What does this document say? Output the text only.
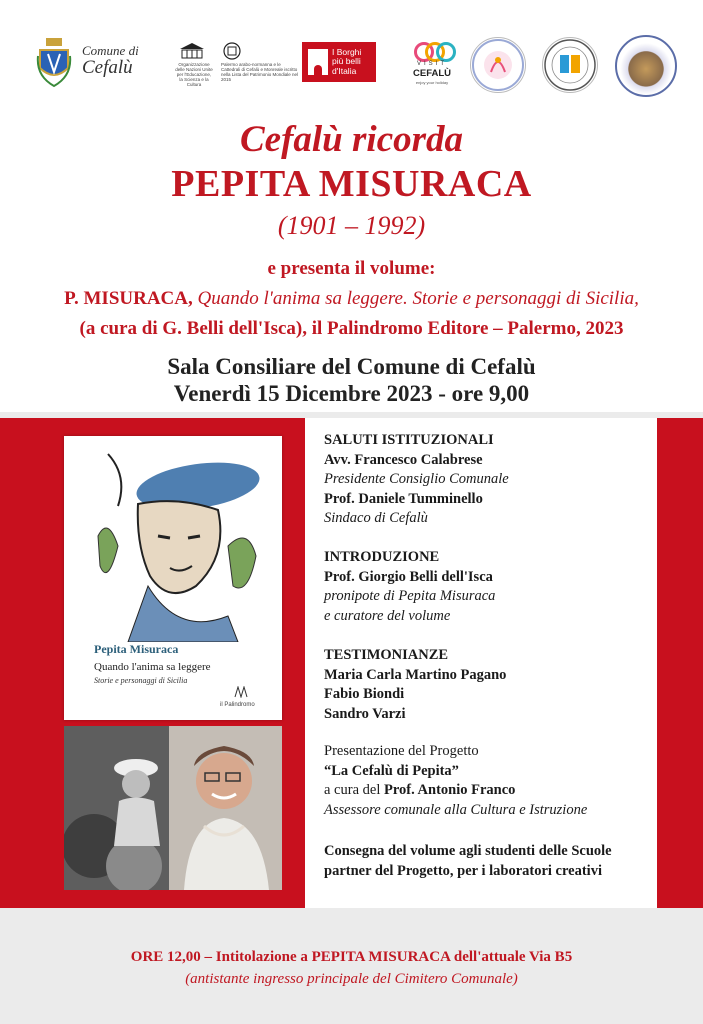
Comune di
Cefalù	Organizzazione delle Nazioni Unite per l'Educazione, la Scienza e la Cultura
Palermo arabo-normanna e le Cattedrali di Cefalù e Monreale iscritto nella Lista del Patrimonio Mondiale nel 2015
I Borghi
più belli
d'Italia
VISIT
CEFALÙ
enjoy your holiday
Cefalù ricorda
PEPITA MISURACA
(1901 – 1992)
e presenta il volume:
P. MISURACA, Quando l'anima sa leggere. Storie e personaggi di Sicilia,
(a cura di G. Belli dell'Isca), il Palindromo Editore – Palermo, 2023
Sala Consiliare del Comune di Cefalù
Venerdì 15 Dicembre 2023 - ore 9,00
Pepita Misuraca
Quando l'anima sa leggere
Storie e personaggi di Sicilia
il Palindromo
SALUTI ISTITUZIONALI
Avv. Francesco Calabrese
Presidente Consiglio Comunale
Prof. Daniele Tumminello
Sindaco di Cefalù
INTRODUZIONE
Prof. Giorgio Belli dell'Isca
pronipote di Pepita Misuraca
e curatore del volume
TESTIMONIANZE
Maria Carla Martino Pagano
Fabio Biondi
Sandro Varzi
Presentazione del Progetto
“La Cefalù di Pepita”
a cura del Prof. Antonio Franco
Assessore comunale alla Cultura e Istruzione
Consegna del volume agli studenti delle Scuole
partner del Progetto, per i laboratori creativi
ORE 12,00 – Intitolazione a PEPITA MISURACA dell'attuale Via B5
(antistante ingresso principale del Cimitero Comunale)
